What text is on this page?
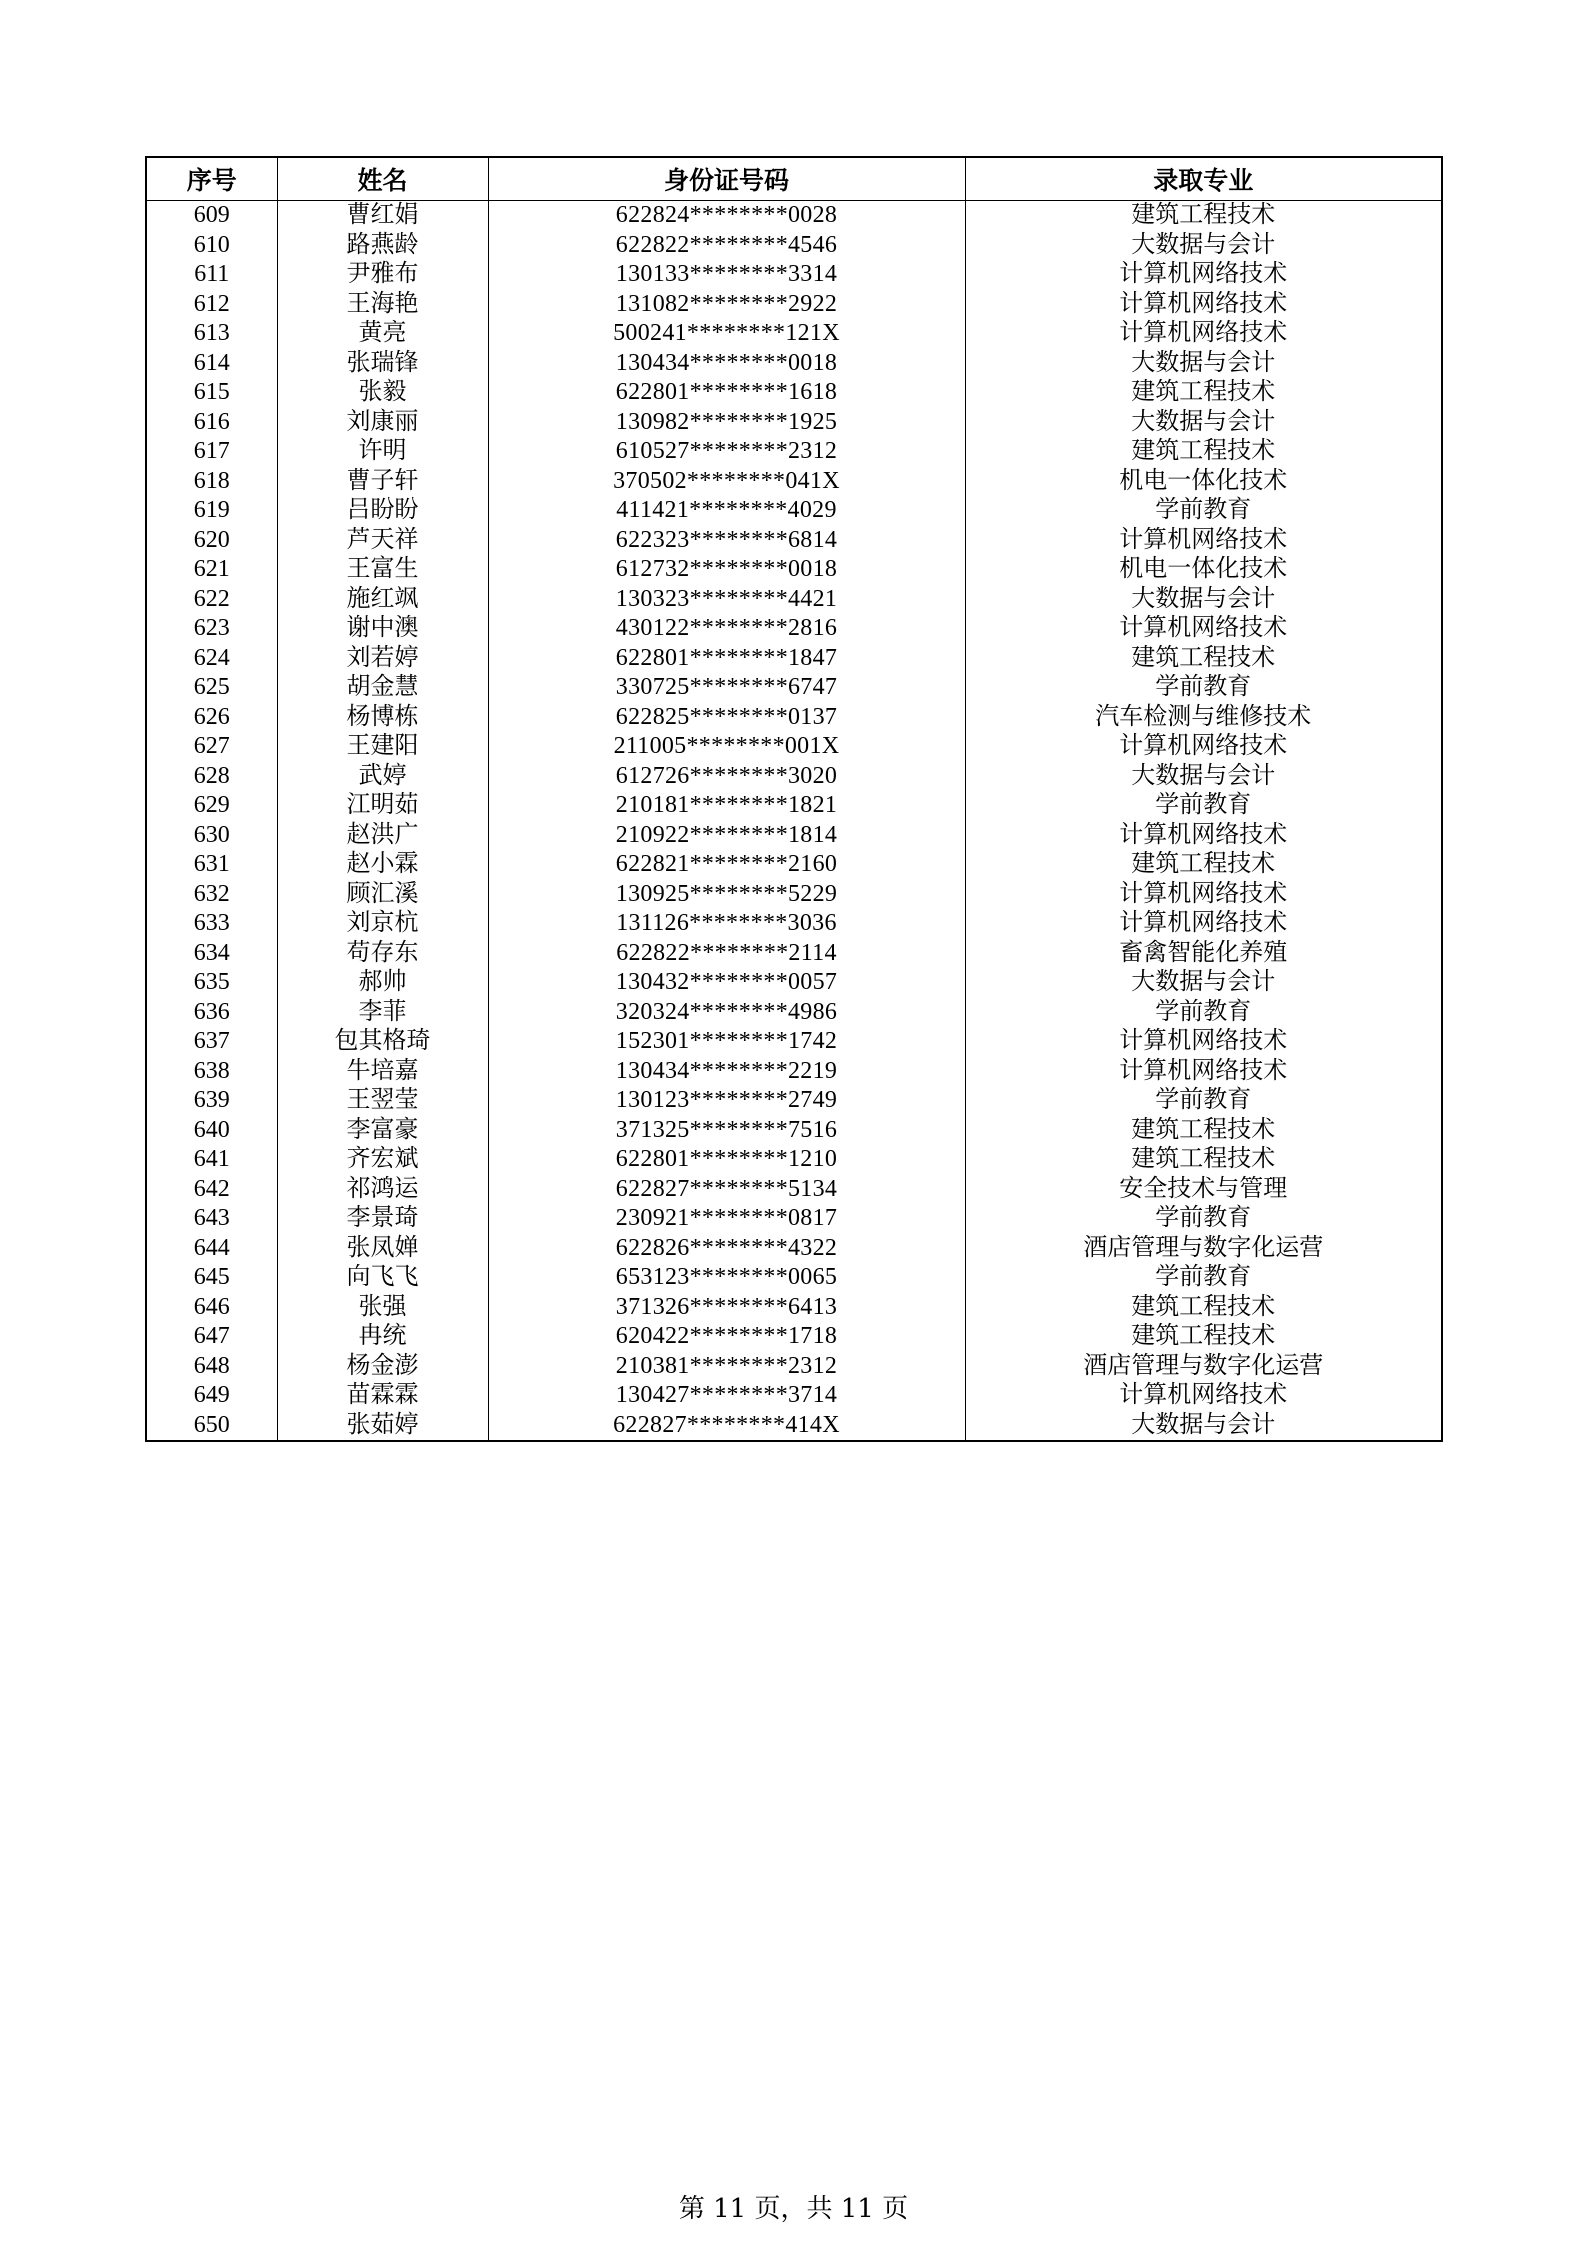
序号	姓名	身份证号码	录取专业
609	曹红娟	622824********0028	建筑工程技术
610	路燕龄	622822********4546	大数据与会计
611	尹雅布	130133********3314	计算机网络技术
612	王海艳	131082********2922	计算机网络技术
613	黄亮	500241********121X	计算机网络技术
614	张瑞锋	130434********0018	大数据与会计
615	张毅	622801********1618	建筑工程技术
616	刘康丽	130982********1925	大数据与会计
617	许明	610527********2312	建筑工程技术
618	曹子轩	370502********041X	机电一体化技术
619	吕盼盼	411421********4029	学前教育
620	芦天祥	622323********6814	计算机网络技术
621	王富生	612732********0018	机电一体化技术
622	施红飒	130323********4421	大数据与会计
623	谢中澳	430122********2816	计算机网络技术
624	刘若婷	622801********1847	建筑工程技术
625	胡金慧	330725********6747	学前教育
626	杨博栋	622825********0137	汽车检测与维修技术
627	王建阳	211005********001X	计算机网络技术
628	武婷	612726********3020	大数据与会计
629	江明茹	210181********1821	学前教育
630	赵洪广	210922********1814	计算机网络技术
631	赵小霖	622821********2160	建筑工程技术
632	顾汇溪	130925********5229	计算机网络技术
633	刘京杭	131126********3036	计算机网络技术
634	苟存东	622822********2114	畜禽智能化养殖
635	郝帅	130432********0057	大数据与会计
636	李菲	320324********4986	学前教育
637	包其格琦	152301********1742	计算机网络技术
638	牛培嘉	130434********2219	计算机网络技术
639	王翌莹	130123********2749	学前教育
640	李富豪	371325********7516	建筑工程技术
641	齐宏斌	622801********1210	建筑工程技术
642	祁鸿运	622827********5134	安全技术与管理
643	李景琦	230921********0817	学前教育
644	张凤婵	622826********4322	酒店管理与数字化运营
645	向飞飞	653123********0065	学前教育
646	张强	371326********6413	建筑工程技术
647	冉统	620422********1718	建筑工程技术
648	杨金澎	210381********2312	酒店管理与数字化运营
649	苗霖霖	130427********3714	计算机网络技术
650	张茹婷	622827********414X	大数据与会计
第 11 页，共 11 页
